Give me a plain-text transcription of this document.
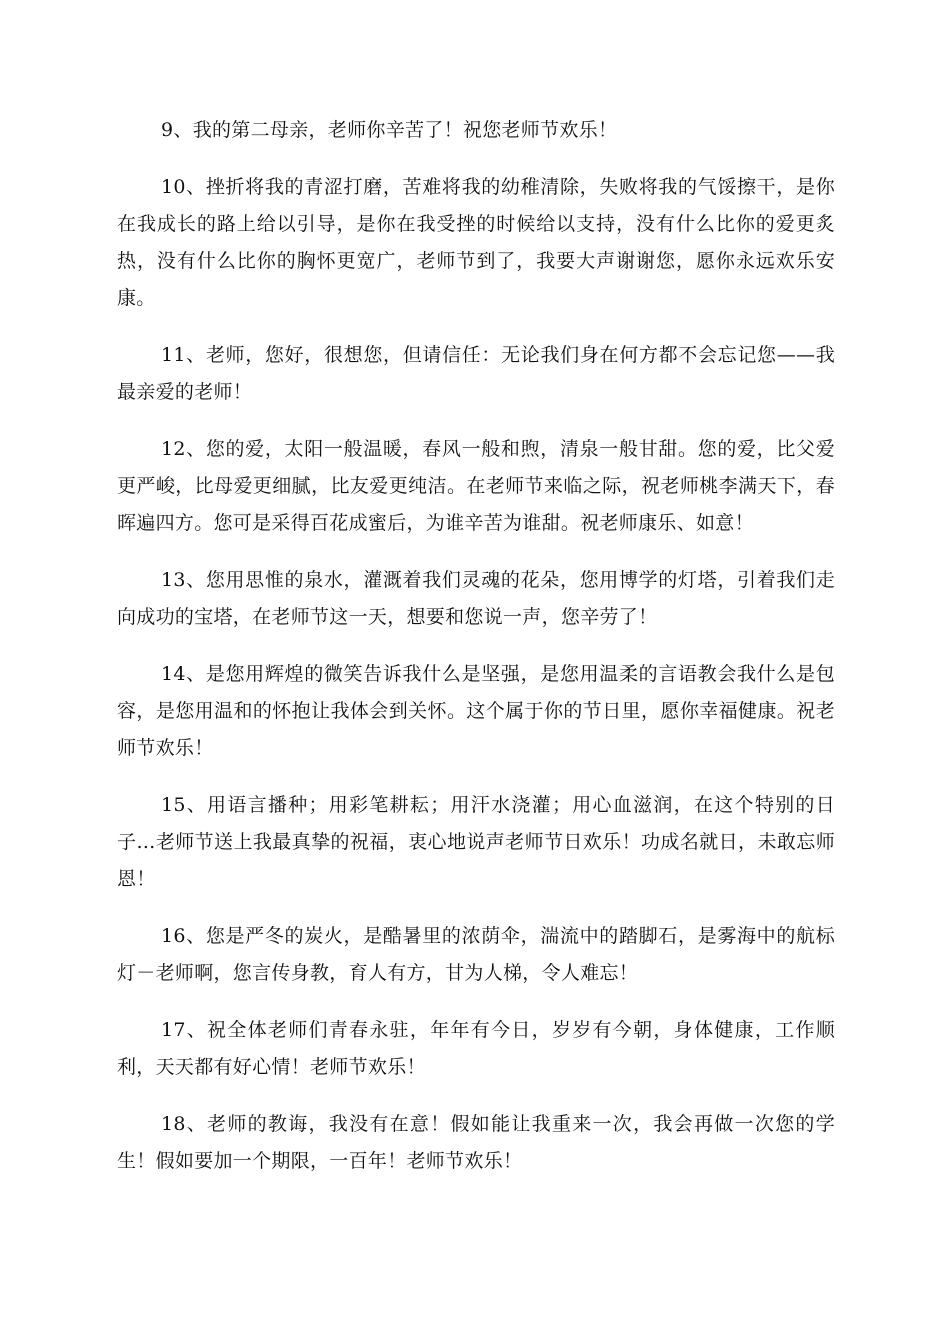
9、我的第二母亲，老师你辛苦了！祝您老师节欢乐！

10、挫折将我的青涩打磨，苦难将我的幼稚清除，失败将我的气馁擦干，是你在我成长的路上给以引导，是你在我受挫的时候给以支持，没有什么比你的爱更炙热，没有什么比你的胸怀更宽广，老师节到了，我要大声谢谢您，愿你永远欢乐安康。

11、老师，您好，很想您，但请信任：无论我们身在何方都不会忘记您——我最亲爱的老师！

12、您的爱，太阳一般温暖，春风一般和煦，清泉一般甘甜。您的爱，比父爱更严峻，比母爱更细腻，比友爱更纯洁。在老师节来临之际，祝老师桃李满天下，春晖遍四方。您可是采得百花成蜜后，为谁辛苦为谁甜。祝老师康乐、如意！

13、您用思惟的泉水，灌溉着我们灵魂的花朵，您用博学的灯塔，引着我们走向成功的宝塔，在老师节这一天，想要和您说一声，您辛劳了！

14、是您用辉煌的微笑告诉我什么是坚强，是您用温柔的言语教会我什么是包容，是您用温和的怀抱让我体会到关怀。这个属于你的节日里，愿你幸福健康。祝老师节欢乐！

15、用语言播种；用彩笔耕耘；用汗水浇灌；用心血滋润，在这个特别的日子…老师节送上我最真挚的祝福，衷心地说声老师节日欢乐！功成名就日，未敢忘师恩！

16、您是严冬的炭火，是酷暑里的浓荫伞，湍流中的踏脚石，是雾海中的航标灯－老师啊，您言传身教，育人有方，甘为人梯，令人难忘！

17、祝全体老师们青春永驻，年年有今日，岁岁有今朝，身体健康，工作顺利，天天都有好心情！老师节欢乐！

18、老师的教诲，我没有在意！假如能让我重来一次，我会再做一次您的学生！假如要加一个期限，一百年！老师节欢乐！
